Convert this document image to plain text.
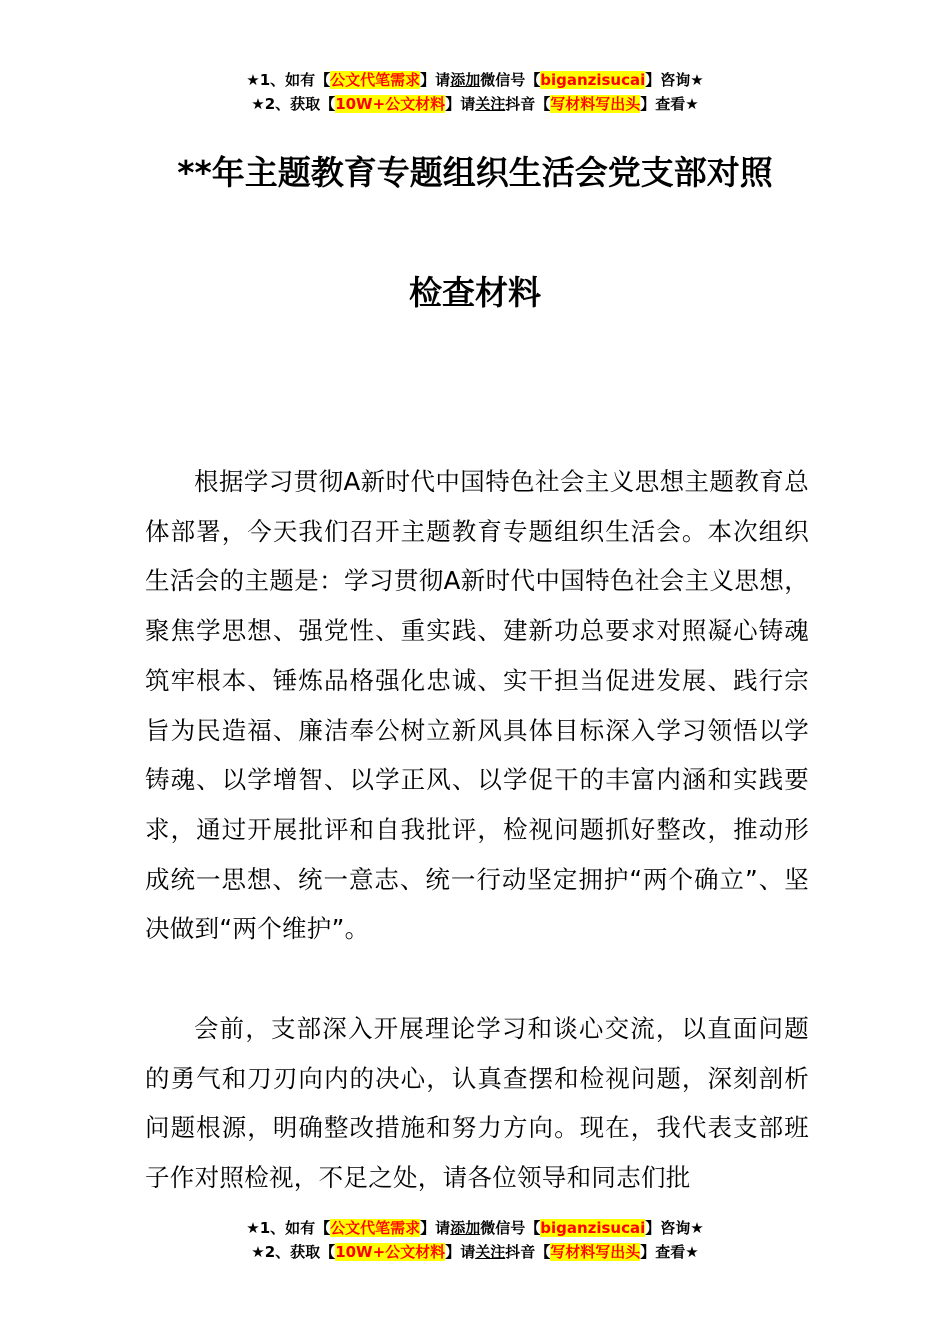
★1、如有【公文代笔需求】请添加微信号【biganzisucai】咨询★
★2、获取【10W+公文材料】请关注抖音【写材料写出头】查看★
**年主题教育专题组织生活会党支部对照
检查材料

根据学习贯彻A新时代中国特色社会主义思想主题教育总体部署，今天我们召开主题教育专题组织生活会。本次组织生活会的主题是：学习贯彻A新时代中国特色社会主义思想，聚焦学思想、强党性、重实践、建新功总要求对照凝心铸魂筑牢根本、锤炼品格强化忠诚、实干担当促进发展、践行宗旨为民造福、廉洁奉公树立新风具体目标深入学习领悟以学铸魂、以学增智、以学正风、以学促干的丰富内涵和实践要求，通过开展批评和自我批评，检视问题抓好整改，推动形成统一思想、统一意志、统一行动坚定拥护“两个确立”、坚决做到“两个维护”。

会前，支部深入开展理论学习和谈心交流，以直面问题的勇气和刀刃向内的决心，认真查摆和检视问题，深刻剖析问题根源，明确整改措施和努力方向。现在，我代表支部班子作对照检视，不足之处，请各位领导和同志们批

★1、如有【公文代笔需求】请添加微信号【biganzisucai】咨询★
★2、获取【10W+公文材料】请关注抖音【写材料写出头】查看★
